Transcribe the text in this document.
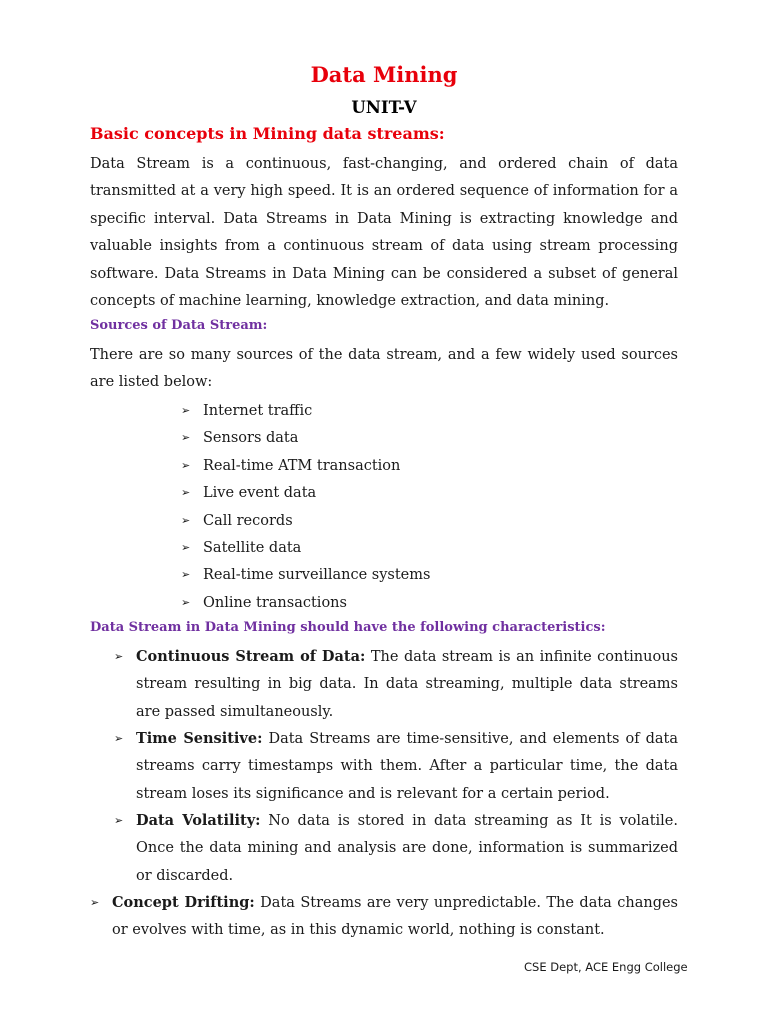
Data Mining
UNIT-V
Basic concepts in Mining data streams:
Data Stream is a continuous, fast-changing, and ordered chain of data transmitted at a very high speed. It is an ordered sequence of information for a specific interval. Data Streams in Data Mining is extracting knowledge and valuable insights from a continuous stream of data using stream processing software. Data Streams in Data Mining can be considered a subset of general concepts of machine learning, knowledge extraction, and data mining.
Sources of Data Stream:
There are so many sources of the data stream, and a few widely used sources are listed below:
➢ Internet traffic
➢ Sensors data
➢ Real-time ATM transaction
➢ Live event data
➢ Call records
➢ Satellite data
➢ Real-time surveillance systems
➢ Online transactions
Data Stream in Data Mining should have the following characteristics:
➢ Continuous Stream of Data: The data stream is an infinite continuous stream resulting in big data. In data streaming, multiple data streams are passed simultaneously.
➢ Time Sensitive: Data Streams are time-sensitive, and elements of data streams carry timestamps with them. After a particular time, the data stream loses its significance and is relevant for a certain period.
➢ Data Volatility: No data is stored in data streaming as It is volatile. Once the data mining and analysis are done, information is summarized or discarded.
➢ Concept Drifting: Data Streams are very unpredictable. The data changes or evolves with time, as in this dynamic world, nothing is constant.
CSE Dept, ACE Engg College
